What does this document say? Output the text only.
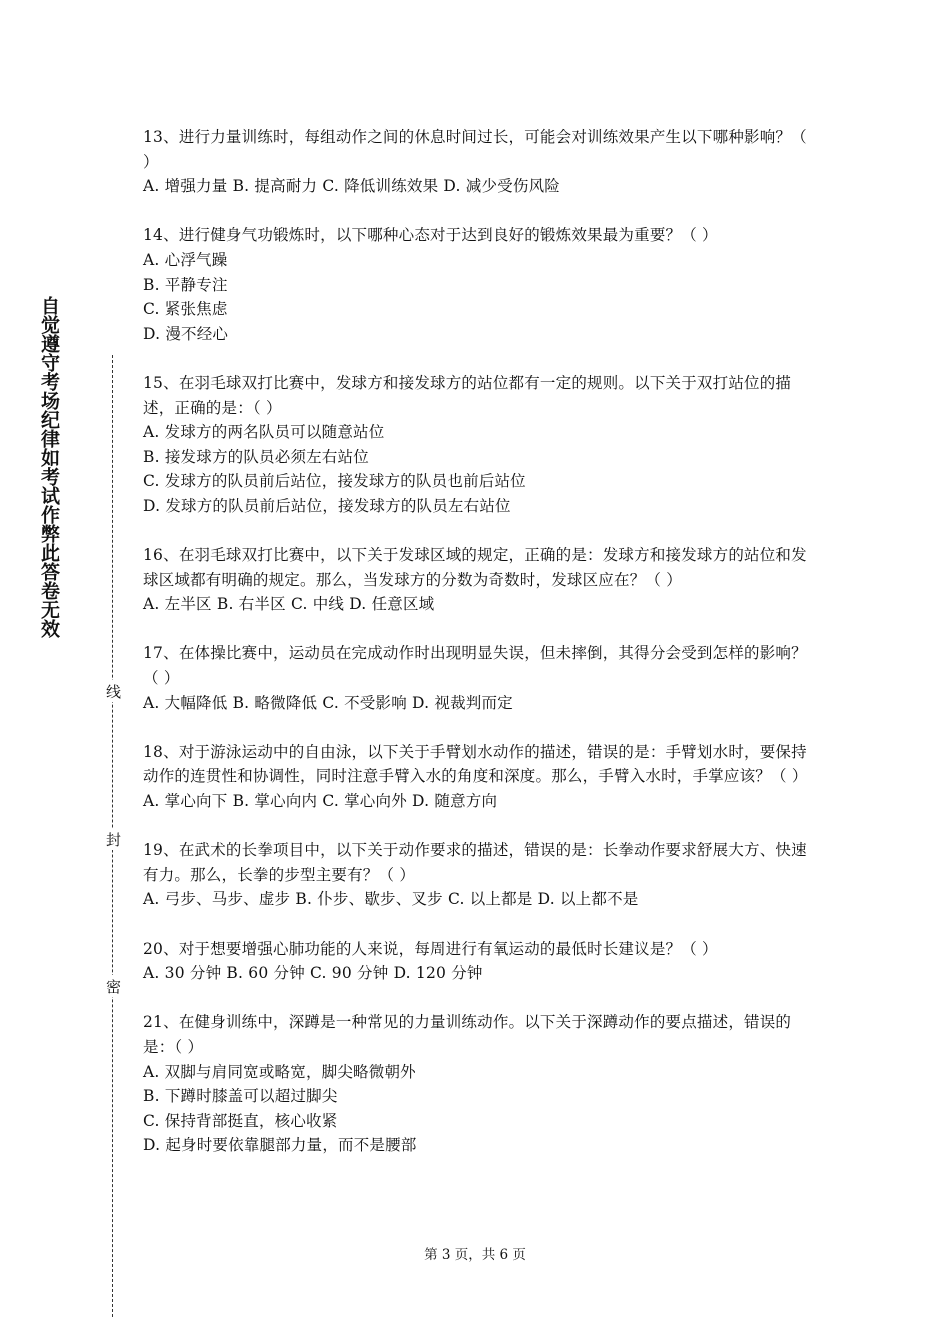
自觉遵守考场纪律如考试作弊此答卷无效
线
封
密

13、进行力量训练时，每组动作之间的休息时间过长，可能会对训练效果产生以下哪种影响？（ ）

A. 增强力量 B. 提高耐力 C. 降低训练效果 D. 减少受伤风险

14、进行健身气功锻炼时，以下哪种心态对于达到良好的锻炼效果最为重要？（ ）

A. 心浮气躁

B. 平静专注

C. 紧张焦虑

D. 漫不经心

15、在羽毛球双打比赛中，发球方和接发球方的站位都有一定的规则。以下关于双打站位的描述，正确的是：（ ）

A. 发球方的两名队员可以随意站位

B. 接发球方的队员必须左右站位

C. 发球方的队员前后站位，接发球方的队员也前后站位

D. 发球方的队员前后站位，接发球方的队员左右站位

16、在羽毛球双打比赛中，以下关于发球区域的规定，正确的是：发球方和接发球方的站位和发球区域都有明确的规定。那么，当发球方的分数为奇数时，发球区应在？（ ）

A. 左半区 B. 右半区 C. 中线 D. 任意区域

17、在体操比赛中，运动员在完成动作时出现明显失误，但未摔倒，其得分会受到怎样的影响？（ ）

A. 大幅降低 B. 略微降低 C. 不受影响 D. 视裁判而定

18、对于游泳运动中的自由泳，以下关于手臂划水动作的描述，错误的是：手臂划水时，要保持动作的连贯性和协调性，同时注意手臂入水的角度和深度。那么，手臂入水时，手掌应该？（ ）

A. 掌心向下 B. 掌心向内 C. 掌心向外 D. 随意方向

19、在武术的长拳项目中，以下关于动作要求的描述，错误的是：长拳动作要求舒展大方、快速有力。那么，长拳的步型主要有？（ ）

A. 弓步、马步、虚步 B. 仆步、歇步、叉步 C. 以上都是 D. 以上都不是

20、对于想要增强心肺功能的人来说，每周进行有氧运动的最低时长建议是？（ ）

A. 30 分钟 B. 60 分钟 C. 90 分钟 D. 120 分钟

21、在健身训练中，深蹲是一种常见的力量训练动作。以下关于深蹲动作的要点描述，错误的是：（ ）

A. 双脚与肩同宽或略宽，脚尖略微朝外

B. 下蹲时膝盖可以超过脚尖

C. 保持背部挺直，核心收紧

D. 起身时要依靠腿部力量，而不是腰部

第 3 页，共 6 页
